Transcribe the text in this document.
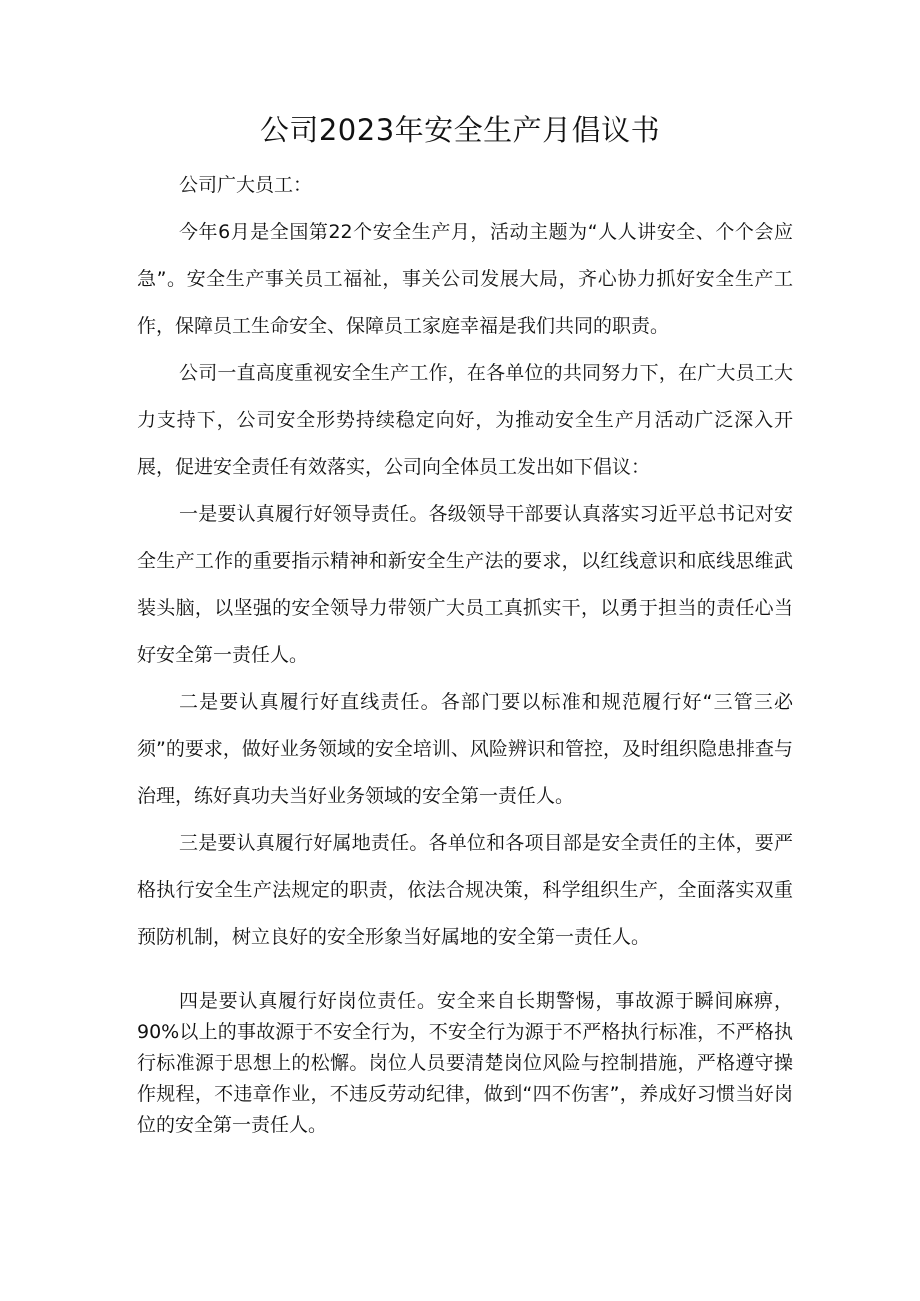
公司2023年安全生产月倡议书

公司广大员工：

今年6月是全国第22个安全生产月，活动主题为“人人讲安全、个个会应急”。安全生产事关员工福祉，事关公司发展大局，齐心协力抓好安全生产工作，保障员工生命安全、保障员工家庭幸福是我们共同的职责。

公司一直高度重视安全生产工作，在各单位的共同努力下，在广大员工大力支持下，公司安全形势持续稳定向好，为推动安全生产月活动广泛深入开展，促进安全责任有效落实，公司向全体员工发出如下倡议：

一是要认真履行好领导责任。各级领导干部要认真落实习近平总书记对安全生产工作的重要指示精神和新安全生产法的要求，以红线意识和底线思维武装头脑，以坚强的安全领导力带领广大员工真抓实干，以勇于担当的责任心当好安全第一责任人。

二是要认真履行好直线责任。各部门要以标准和规范履行好“三管三必须”的要求，做好业务领域的安全培训、风险辨识和管控，及时组织隐患排查与治理，练好真功夫当好业务领域的安全第一责任人。

三是要认真履行好属地责任。各单位和各项目部是安全责任的主体，要严格执行安全生产法规定的职责，依法合规决策，科学组织生产，全面落实双重预防机制，树立良好的安全形象当好属地的安全第一责任人。

四是要认真履行好岗位责任。安全来自长期警惕，事故源于瞬间麻痹，90%以上的事故源于不安全行为，不安全行为源于不严格执行标准，不严格执行标准源于思想上的松懈。岗位人员要清楚岗位风险与控制措施，严格遵守操作规程，不违章作业，不违反劳动纪律，做到“四不伤害”，养成好习惯当好岗位的安全第一责任人。
